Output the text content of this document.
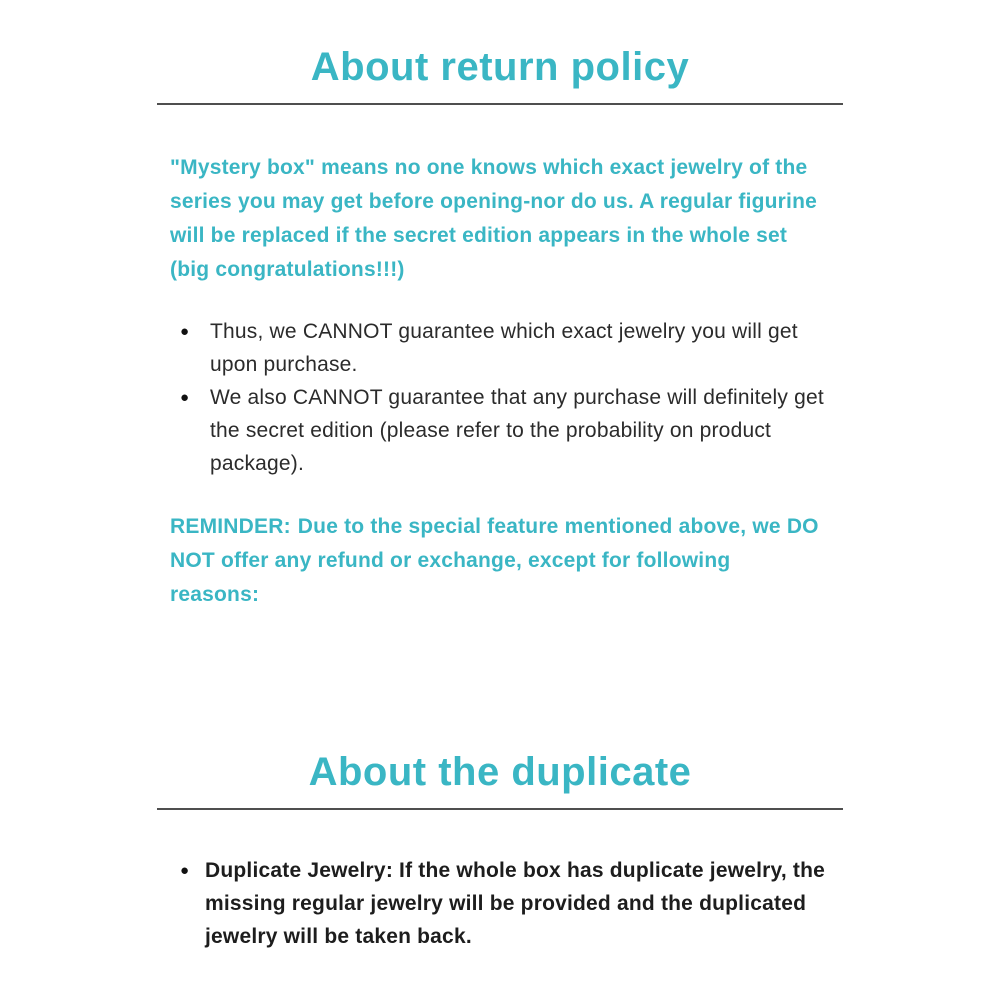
About return policy

"Mystery box" means no one knows which exact jewelry of the series you may get before opening-nor do us. A regular figurine will be replaced if the secret edition appears in the whole set (big congratulations!!!)

● Thus, we CANNOT guarantee which exact jewelry you will get upon purchase.
● We also CANNOT guarantee that any purchase will definitely get the secret edition (please refer to the probability on product package).

REMINDER: Due to the special feature mentioned above, we DO NOT offer any refund or exchange, except for following reasons:

About the duplicate
● Duplicate Jewelry: If the whole box has duplicate jewelry, the missing regular jewelry will be provided and the duplicated jewelry will be taken back.
